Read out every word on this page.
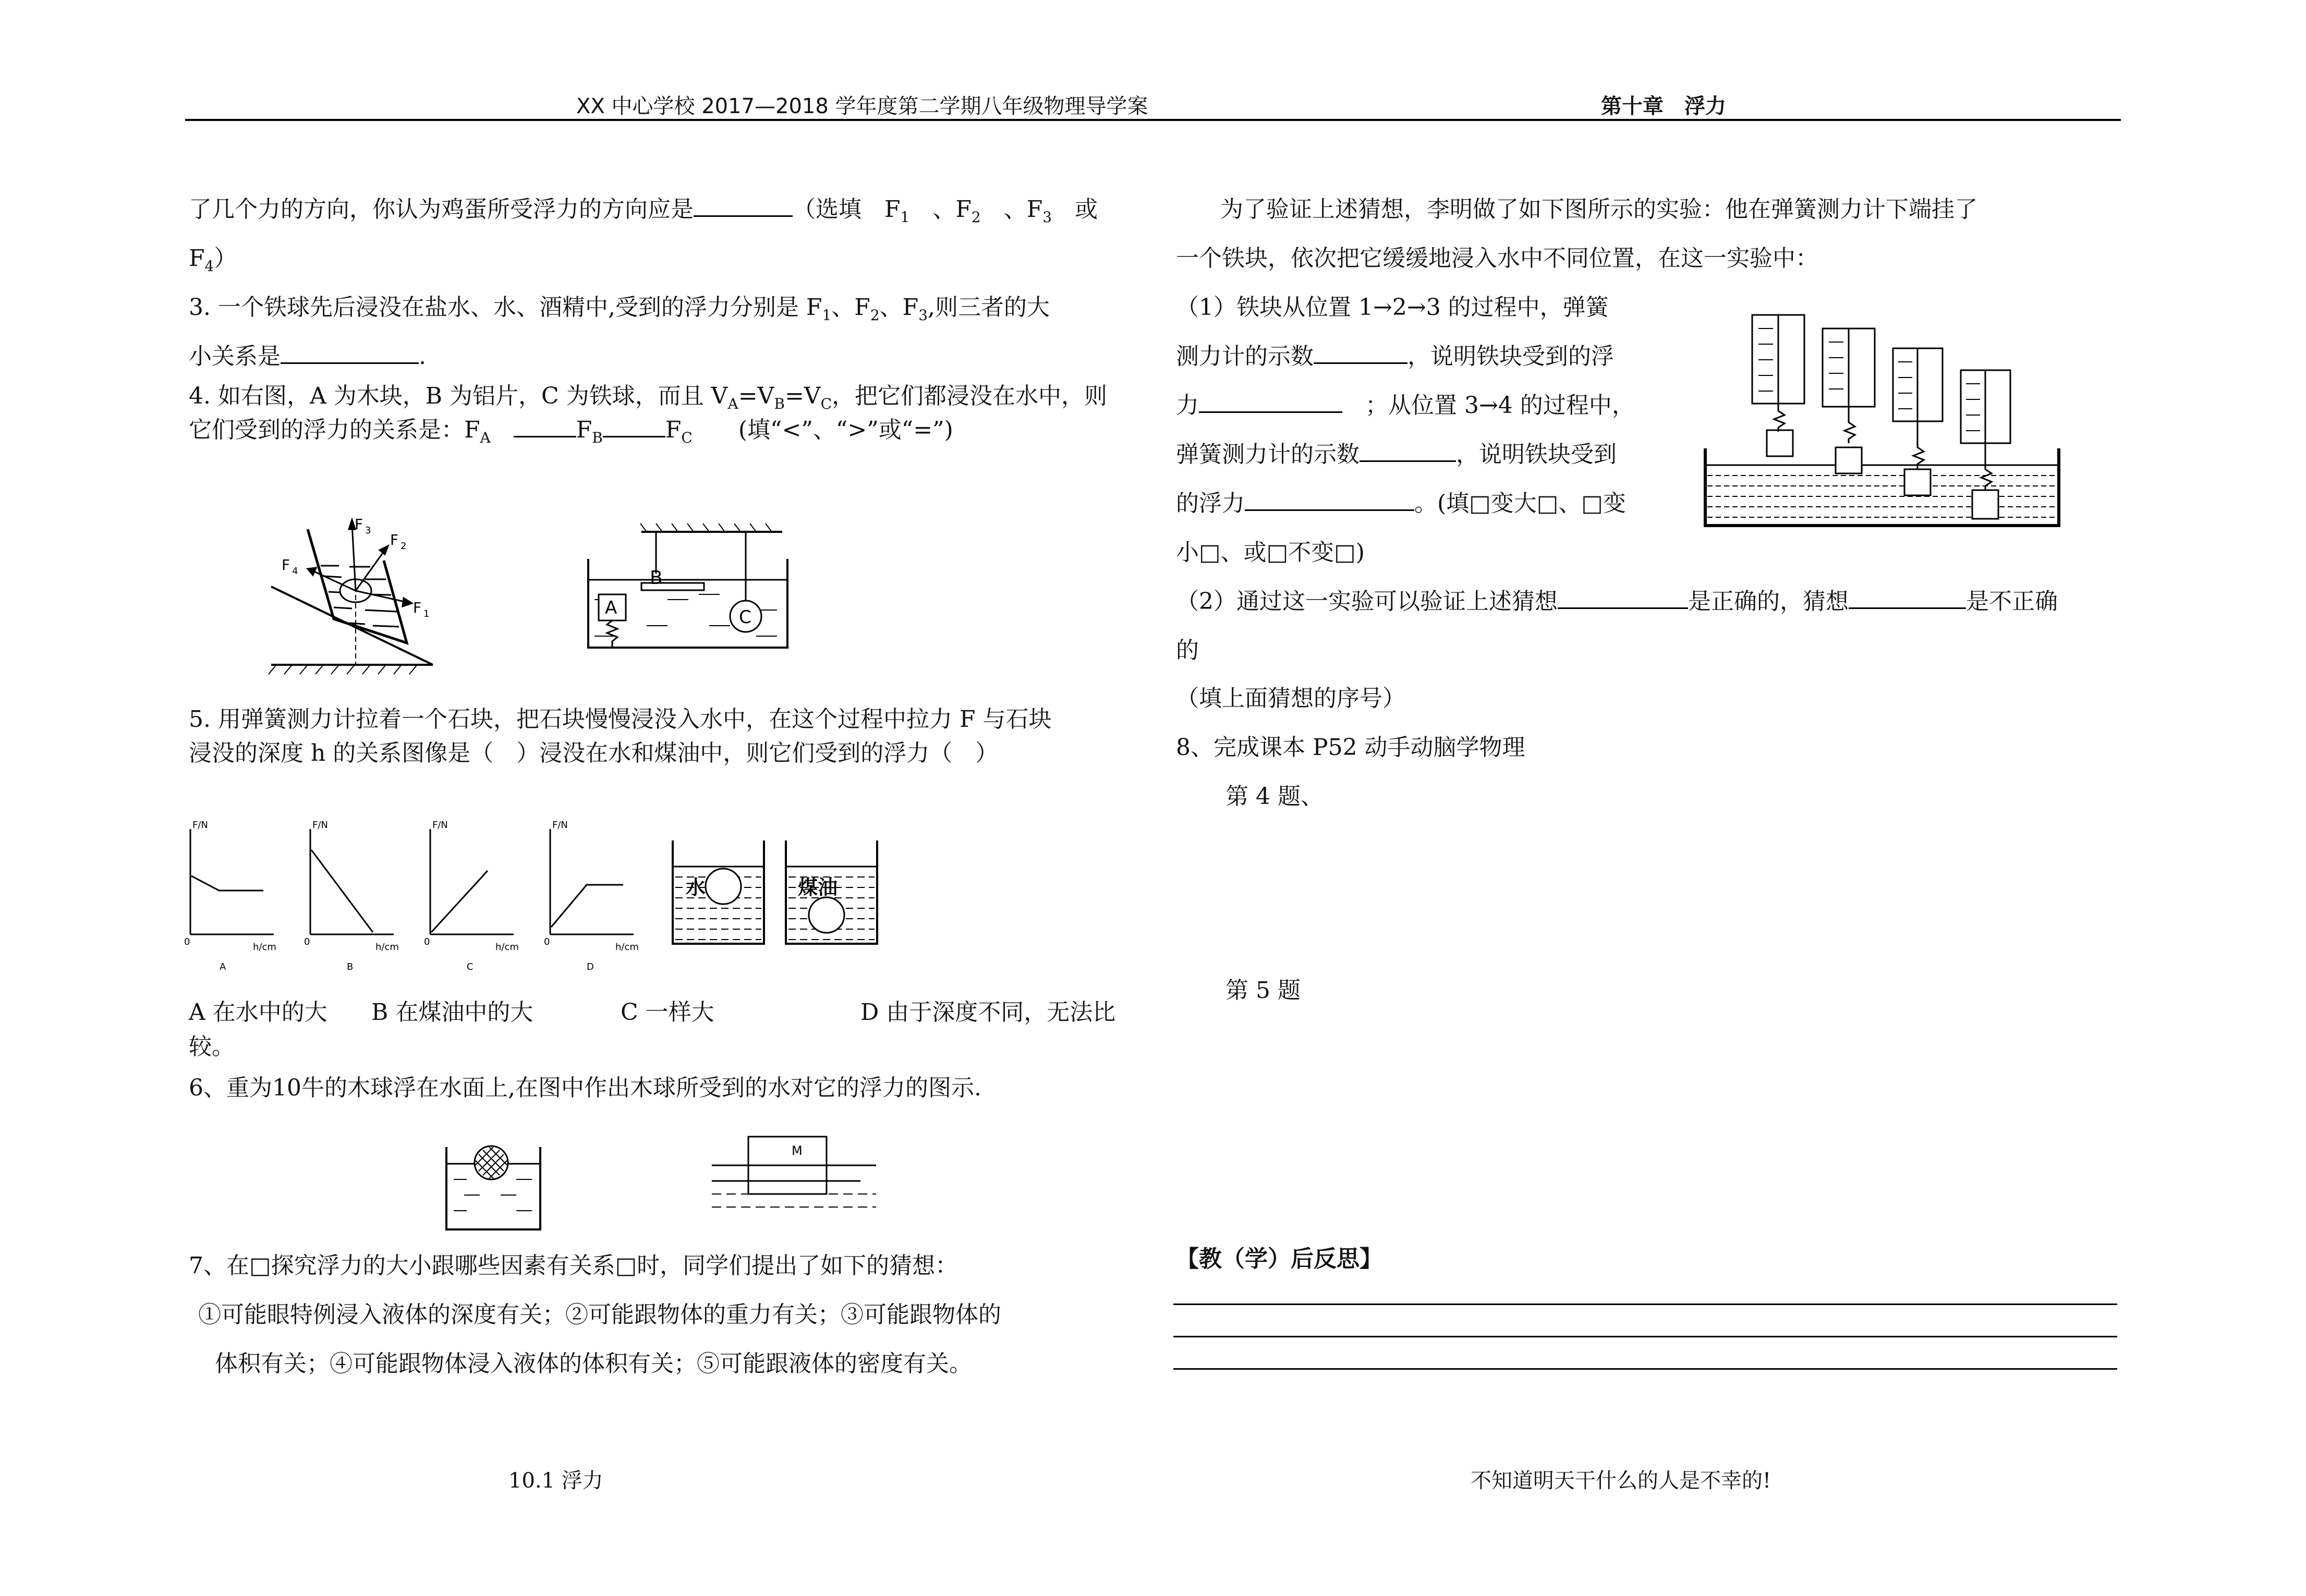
XX 中心学校 2017—2018 学年度第二学期八年级物理导学案	第十章　浮力
了几个力的方向，你认为鸡蛋所受浮力的方向应是	（选填　$F_1$　 、$F_2$　 、$F_3$　 或
$F_4$）
3. 一个铁球先后浸没在盐水、水、酒精中,受到的浮力分别是 $F_1$、$F_2$、$F_3$,则三者的大
小关系是	.
4. 如右图，A 为木块，B 为铝片，C 为铁球，而且 $V_A=V_B=V_C$，把它们都浸没在水中，则
它们受到的浮力的关系是：$F_A$　	$F_B$	$F_C$　　 (填“<”、“>”或“=”)
F 3
F 2
F 1
F 4	B
C
A
5. 用弹簧测力计拉着一个石块，把石块慢慢浸没入水中，在这个过程中拉力 F 与石块
浸没的深度 h 的关系图像是（　）浸没在水和煤油中，则它们受到的浮力（　）
F/N	F/N	F/N	F/N
h/cm	h/cm	h/cm	h/cm
0	0	0	0
A	B	C	D
水	煤油
A 在水中的大 B 在煤油中的大	C 一样大	D 由于深度不同，无法比
较。
6、重为10牛的木球浮在水面上,在图中作出木球所受到的水对它的浮力的图示.
M
7、在□探究浮力的大小跟哪些因素有关系□时，同学们提出了如下的猜想：
①可能眼特例浸入液体的深度有关；②可能跟物体的重力有关；③可能跟物体的
体积有关；④可能跟物体浸入液体的体积有关；⑤可能跟液体的密度有关。
为了验证上述猜想，李明做了如下图所示的实验：他在弹簧测力计下端挂了
一个铁块，依次把它缓缓地浸入水中不同位置，在这一实验中：
（1）铁块从位置 1→2→3 的过程中，弹簧
测力计的示数	，说明铁块受到的浮
力　	；从位置 3→4 的过程中，
弹簧测力计的示数	，说明铁块受到
的浮力	。(填□变大□、□变
小□、或□不变□)
（2）通过这一实验可以验证上述猜想	是正确的，猜想	是不正确
的
（填上面猜想的序号）
8、完成课本 P52 动手动脑学物理
第 4 题、
第 5 题
【教（学）后反思】
10.1 浮力	不知道明天干什么的人是不幸的!
